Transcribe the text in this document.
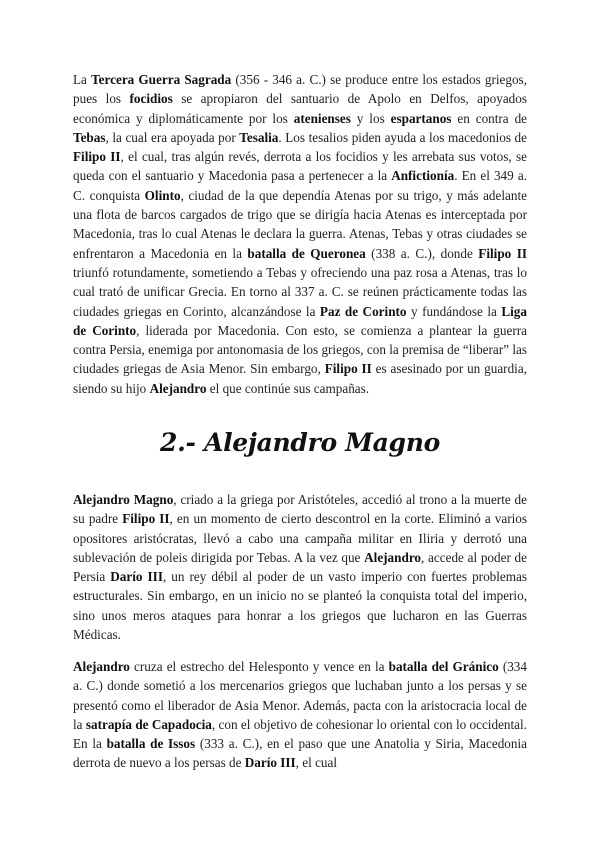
La Tercera Guerra Sagrada (356 - 346 a. C.) se produce entre los estados griegos, pues los focidios se apropiaron del santuario de Apolo en Delfos, apoyados económica y diplomáticamente por los atenienses y los espartanos en contra de Tebas, la cual era apoyada por Tesalia. Los tesalios piden ayuda a los macedonios de Filipo II, el cual, tras algún revés, derrota a los focidios y les arrebata sus votos, se queda con el santuario y Macedonia pasa a pertenecer a la Anfictionía. En el 349 a. C. conquista Olinto, ciudad de la que dependía Atenas por su trigo, y más adelante una flota de barcos cargados de trigo que se dirigía hacia Atenas es interceptada por Macedonia, tras lo cual Atenas le declara la guerra. Atenas, Tebas y otras ciudades se enfrentaron a Macedonia en la batalla de Queronea (338 a. C.), donde Filipo II triunfó rotundamente, sometiendo a Tebas y ofreciendo una paz rosa a Atenas, tras lo cual trató de unificar Grecia. En torno al 337 a. C. se reúnen prácticamente todas las ciudades griegas en Corinto, alcanzándose la Paz de Corinto y fundándose la Liga de Corinto, liderada por Macedonia. Con esto, se comienza a plantear la guerra contra Persia, enemiga por antonomasia de los griegos, con la premisa de “liberar” las ciudades griegas de Asia Menor. Sin embargo, Filipo II es asesinado por un guardia, siendo su hijo Alejandro el que continúe sus campañas.

2.- Alejandro Magno

Alejandro Magno, criado a la griega por Aristóteles, accedió al trono a la muerte de su padre Filipo II, en un momento de cierto descontrol en la corte. Eliminó a varios opositores aristócratas, llevó a cabo una campaña militar en Iliria y derrotó una sublevación de poleis dirigida por Tebas. A la vez que Alejandro, accede al poder de Persia Darío III, un rey débil al poder de un vasto imperio con fuertes problemas estructurales. Sin embargo, en un inicio no se planteó la conquista total del imperio, sino unos meros ataques para honrar a los griegos que lucharon en las Guerras Médicas.

Alejandro cruza el estrecho del Helesponto y vence en la batalla del Gránico (334 a. C.) donde sometió a los mercenarios griegos que luchaban junto a los persas y se presentó como el liberador de Asia Menor. Además, pacta con la aristocracia local de la satrapía de Capadocia, con el objetivo de cohesionar lo oriental con lo occidental. En la batalla de Issos (333 a. C.), en el paso que une Anatolia y Siria, Macedonia derrota de nuevo a los persas de Darío III, el cual
